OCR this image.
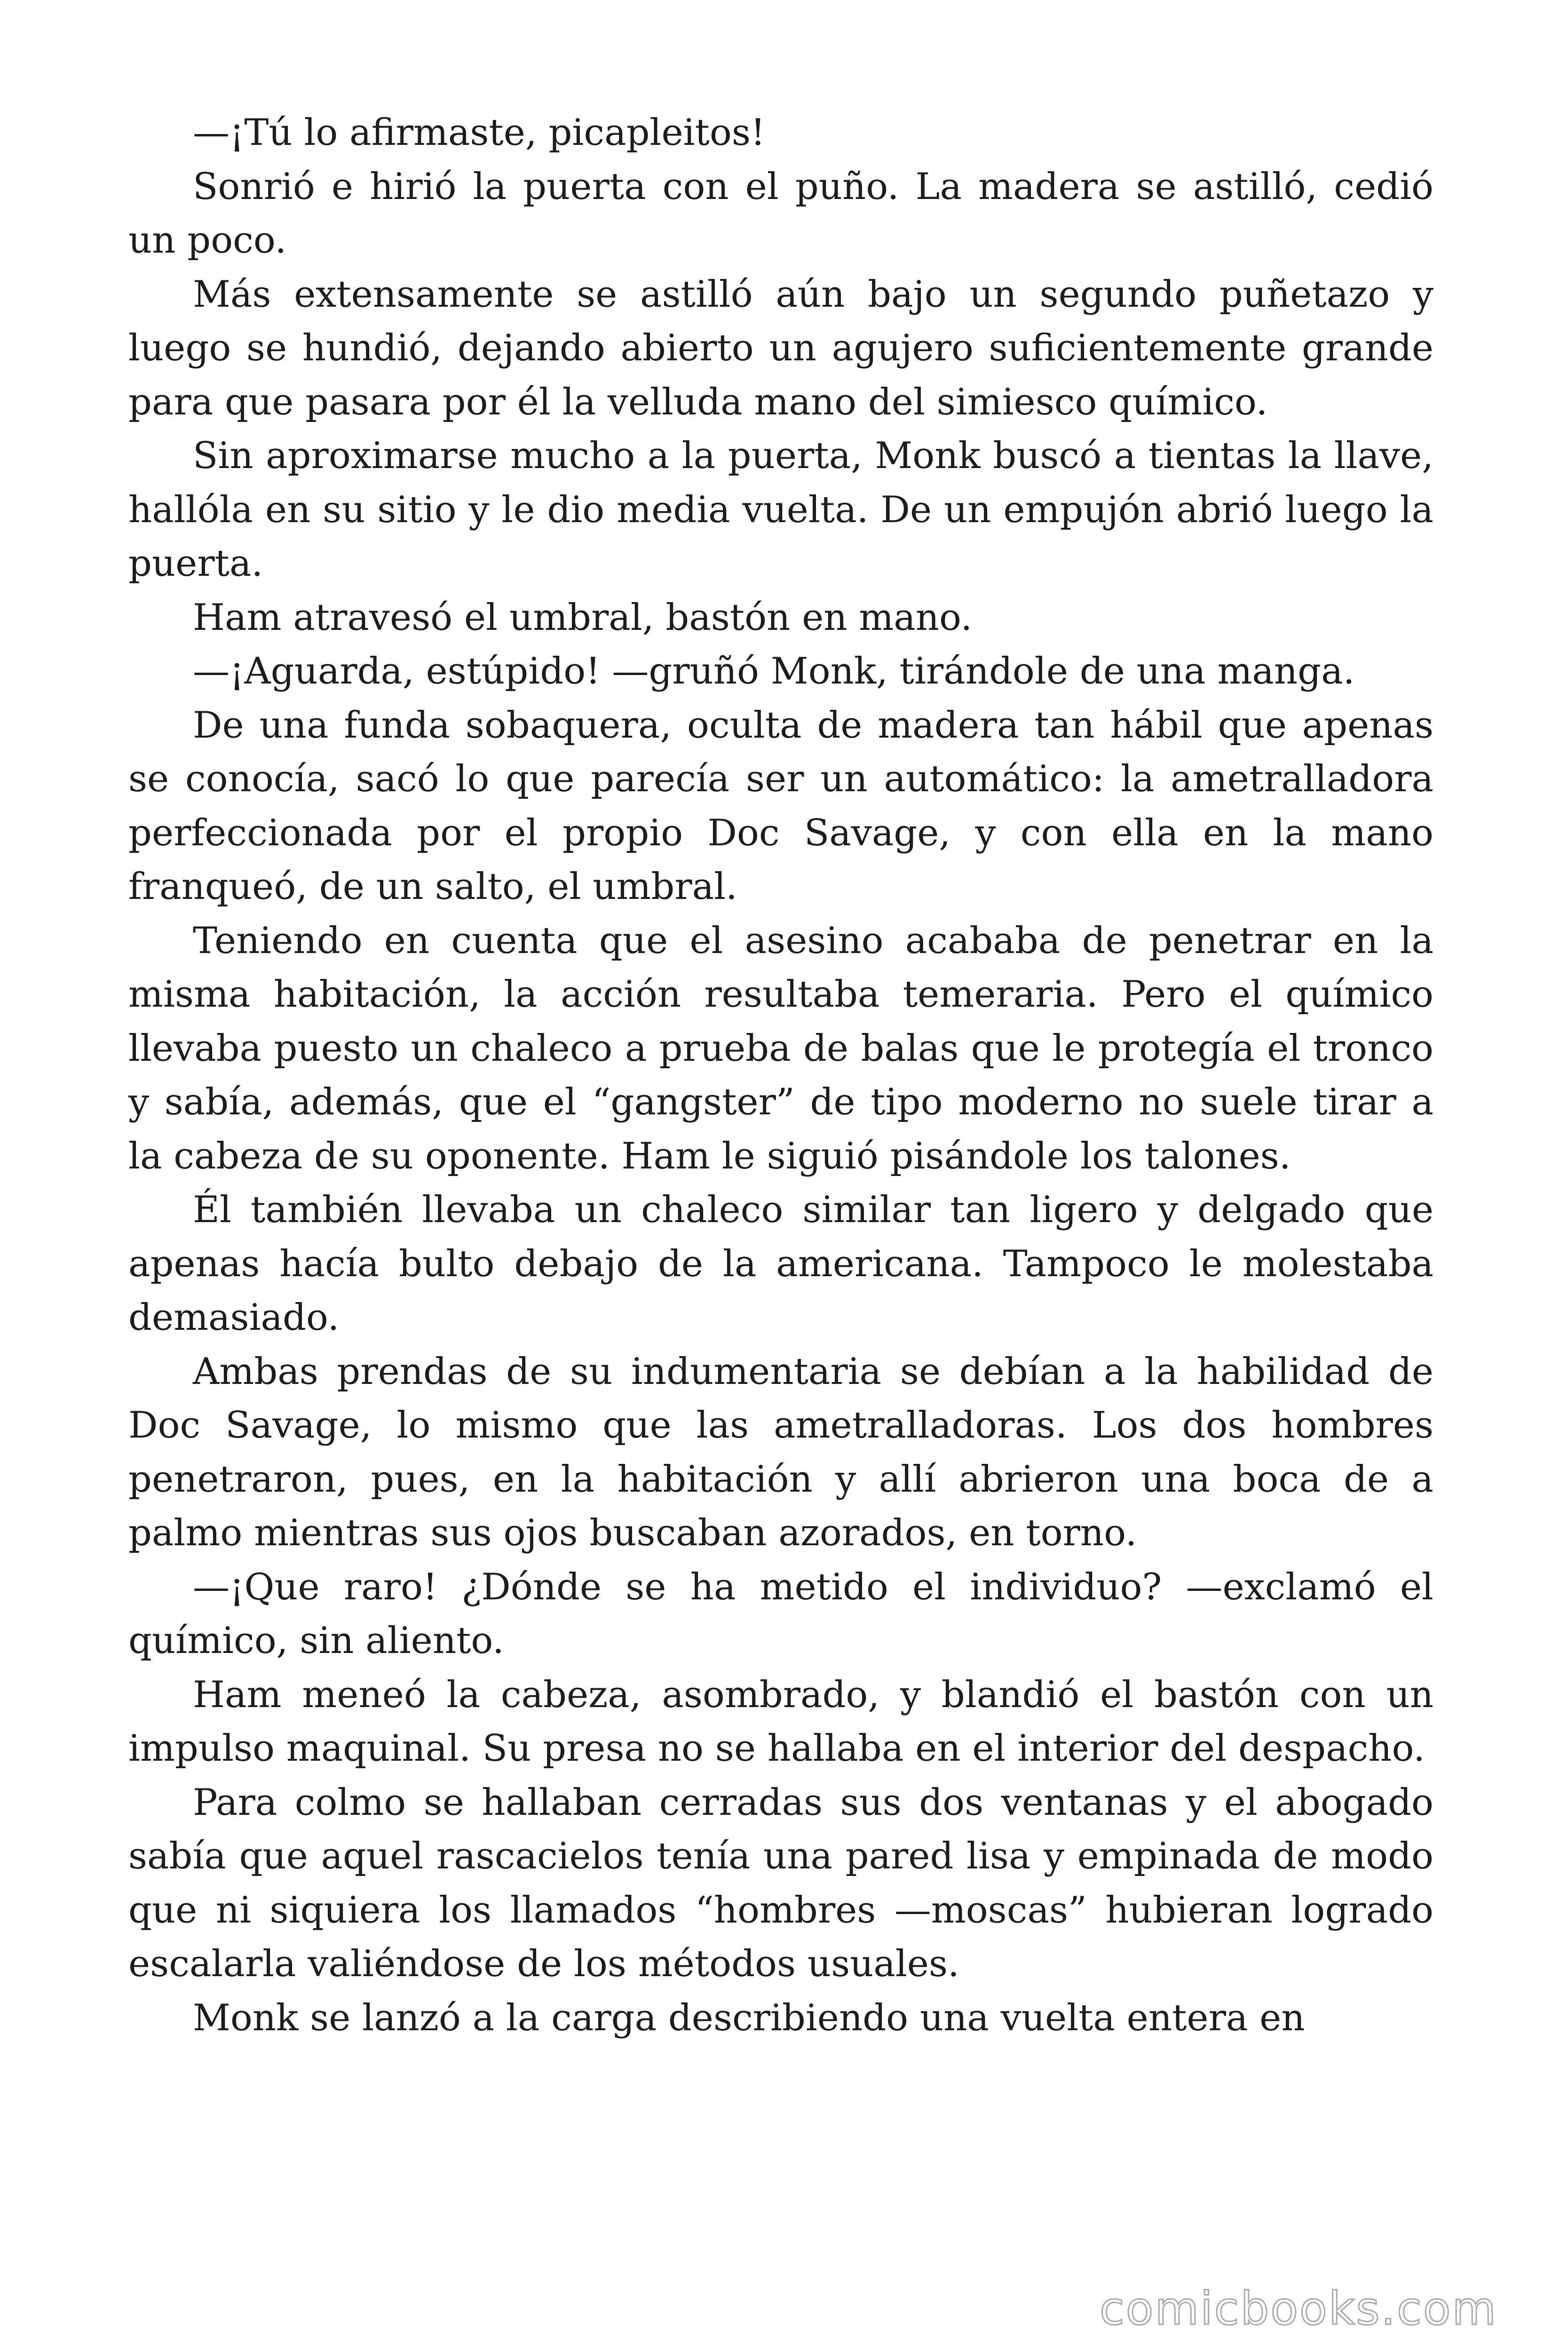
—¡Tú lo afirmaste, picapleitos!

Sonrió e hirió la puerta con el puño. La madera se astilló, cedió un poco.

Más extensamente se astilló aún bajo un segundo puñetazo y luego se hundió, dejando abierto un agujero suficientemente grande para que pasara por él la velluda mano del simiesco químico.

Sin aproximarse mucho a la puerta, Monk buscó a tientas la llave, hallóla en su sitio y le dio media vuelta. De un empujón abrió luego la puerta.

Ham atravesó el umbral, bastón en mano.

—¡Aguarda, estúpido! —gruñó Monk, tirándole de una manga.

De una funda sobaquera, oculta de madera tan hábil que apenas se conocía, sacó lo que parecía ser un automático: la ametralladora perfeccionada por el propio Doc Savage, y con ella en la mano franqueó, de un salto, el umbral.

Teniendo en cuenta que el asesino acababa de penetrar en la misma habitación, la acción resultaba temeraria. Pero el químico llevaba puesto un chaleco a prueba de balas que le protegía el tronco y sabía, además, que el “gangster” de tipo moderno no suele tirar a la cabeza de su oponente. Ham le siguió pisándole los talones.

Él también llevaba un chaleco similar tan ligero y delgado que apenas hacía bulto debajo de la americana. Tampoco le molestaba demasiado.

Ambas prendas de su indumentaria se debían a la habilidad de Doc Savage, lo mismo que las ametralladoras. Los dos hombres penetraron, pues, en la habitación y allí abrieron una boca de a palmo mientras sus ojos buscaban azorados, en torno.

—¡Que raro! ¿Dónde se ha metido el individuo? —exclamó el químico, sin aliento.

Ham meneó la cabeza, asombrado, y blandió el bastón con un impulso maquinal. Su presa no se hallaba en el interior del despacho.

Para colmo se hallaban cerradas sus dos ventanas y el abogado sabía que aquel rascacielos tenía una pared lisa y empinada de modo que ni siquiera los llamados “hombres —moscas” hubieran logrado escalarla valiéndose de los métodos usuales.

Monk se lanzó a la carga describiendo una vuelta entera en

comicbooks.com
